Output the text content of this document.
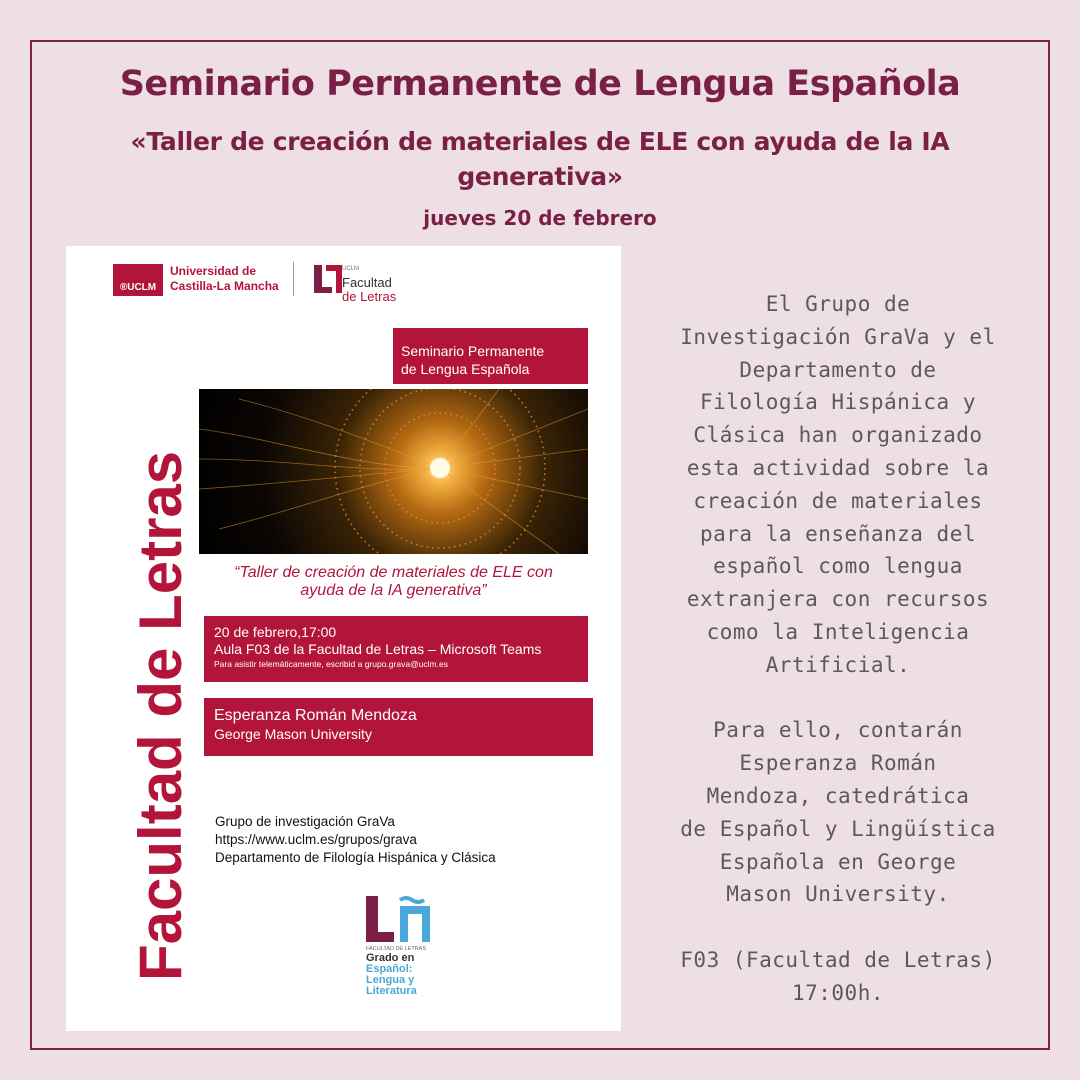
Seminario Permanente de Lengua Española
«Taller de creación de materiales de ELE con ayuda de la IA generativa»
jueves 20 de febrero
®UCLM
Universidad de
Castilla-La Mancha
UCLM
Facultad
de Letras
Facultad de Letras
Seminario Permanente
de Lengua Española
“Taller de creación de materiales de ELE con
ayuda de la IA generativa”
20 de febrero,17:00
Aula F03 de la Facultad de Letras – Microsoft Teams
Para asistir telemáticamente, escribid a grupo.grava@uclm.es
Esperanza Román Mendoza
George Mason University
Grupo de investigación GraVa
https://www.uclm.es/grupos/grava
Departamento de Filología Hispánica y Clásica
FACULTAD DE LETRAS
Grado en
Español:
Lengua y
Literatura

El Grupo de
Investigación GraVa y el
Departamento de
Filología Hispánica y
Clásica han organizado
esta actividad sobre la
creación de materiales
para la enseñanza del
español como lengua
extranjera con recursos
como la Inteligencia
Artificial.

Para ello, contarán
Esperanza Román
Mendoza, catedrática
de Español y Lingüística
Española en George
Mason University.

F03 (Facultad de Letras)
17:00h.
